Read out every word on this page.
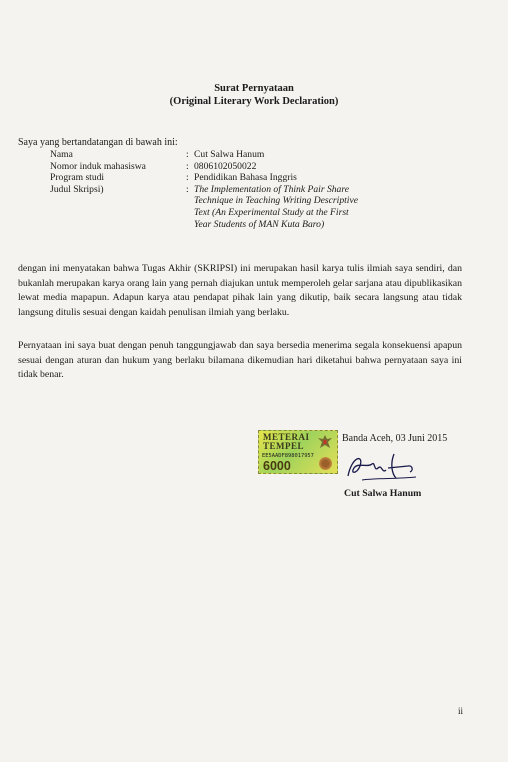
Surat Pernyataan
(Original Literary Work Declaration)
Saya yang bertandatangan di bawah ini:
Nama	: Cut Salwa Hanum
Nomor induk mahasiswa	: 0806102050022
Program studi	: Pendidikan Bahasa Inggris
Judul Skripsi)	: The Implementation of Think Pair Share
Technique in Teaching Writing Descriptive
Text (An Experimental Study at the First
Year Students of MAN Kuta Baro)
dengan ini menyatakan bahwa Tugas Akhir (SKRIPSI) ini merupakan hasil karya tulis ilmiah saya sendiri, dan bukanlah merupakan karya orang lain yang pernah diajukan untuk memperoleh gelar sarjana atau dipublikasikan lewat media mapapun. Adapun karya atau pendapat pihak lain yang dikutip, baik secara langsung atau tidak langsung ditulis sesuai dengan kaidah penulisan ilmiah yang berlaku.
Pernyataan ini saya buat dengan penuh tanggungjawab dan saya bersedia menerima segala konsekuensi apapun sesuai dengan aturan dan hukum yang berlaku bilamana dikemudian hari diketahui bahwa pernyataan saya ini tidak benar.
METERAI
TEMPEL
EE5AADF898017957
6000
Banda Aceh, 03 Juni 2015
Cut Salwa Hanum
ii
